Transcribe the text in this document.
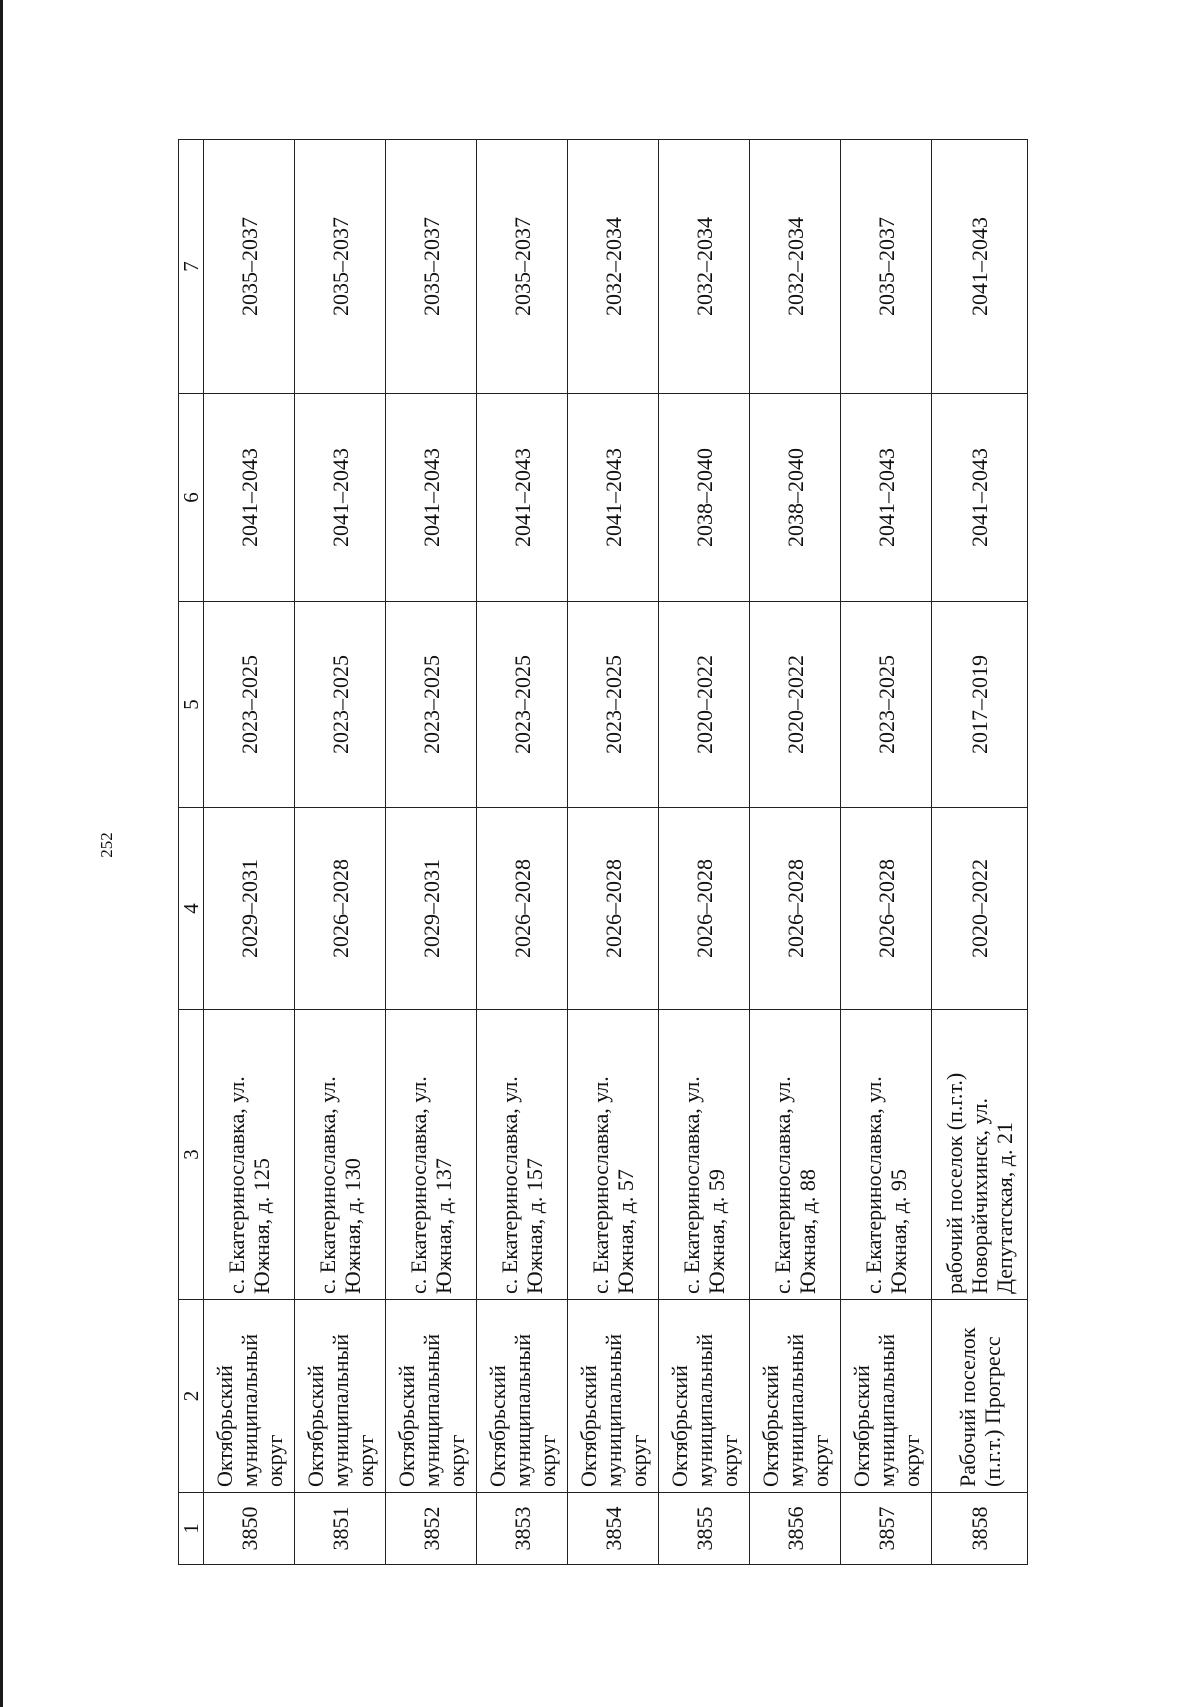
252
1	2	3	4	5	6	7
3850	Октябрьский муниципальный округ	с. Екатеринославка, ул. Южная, д. 125	2029–2031	2023–2025	2041–2043	2035–2037
3851	Октябрьский муниципальный округ	с. Екатеринославка, ул. Южная, д. 130	2026–2028	2023–2025	2041–2043	2035–2037
3852	Октябрьский муниципальный округ	с. Екатеринославка, ул. Южная, д. 137	2029–2031	2023–2025	2041–2043	2035–2037
3853	Октябрьский муниципальный округ	с. Екатеринославка, ул. Южная, д. 157	2026–2028	2023–2025	2041–2043	2035–2037
3854	Октябрьский муниципальный округ	с. Екатеринославка, ул. Южная, д. 57	2026–2028	2023–2025	2041–2043	2032–2034
3855	Октябрьский муниципальный округ	с. Екатеринославка, ул. Южная, д. 59	2026–2028	2020–2022	2038–2040	2032–2034
3856	Октябрьский муниципальный округ	с. Екатеринославка, ул. Южная, д. 88	2026–2028	2020–2022	2038–2040	2032–2034
3857	Октябрьский муниципальный округ	с. Екатеринославка, ул. Южная, д. 95	2026–2028	2023–2025	2041–2043	2035–2037
3858	Рабочий поселок (п.г.т.) Прогресс	рабочий поселок (п.г.т.) Новорайчихинск, ул. Депутатская, д. 21	2020–2022	2017–2019	2041–2043	2041–2043
